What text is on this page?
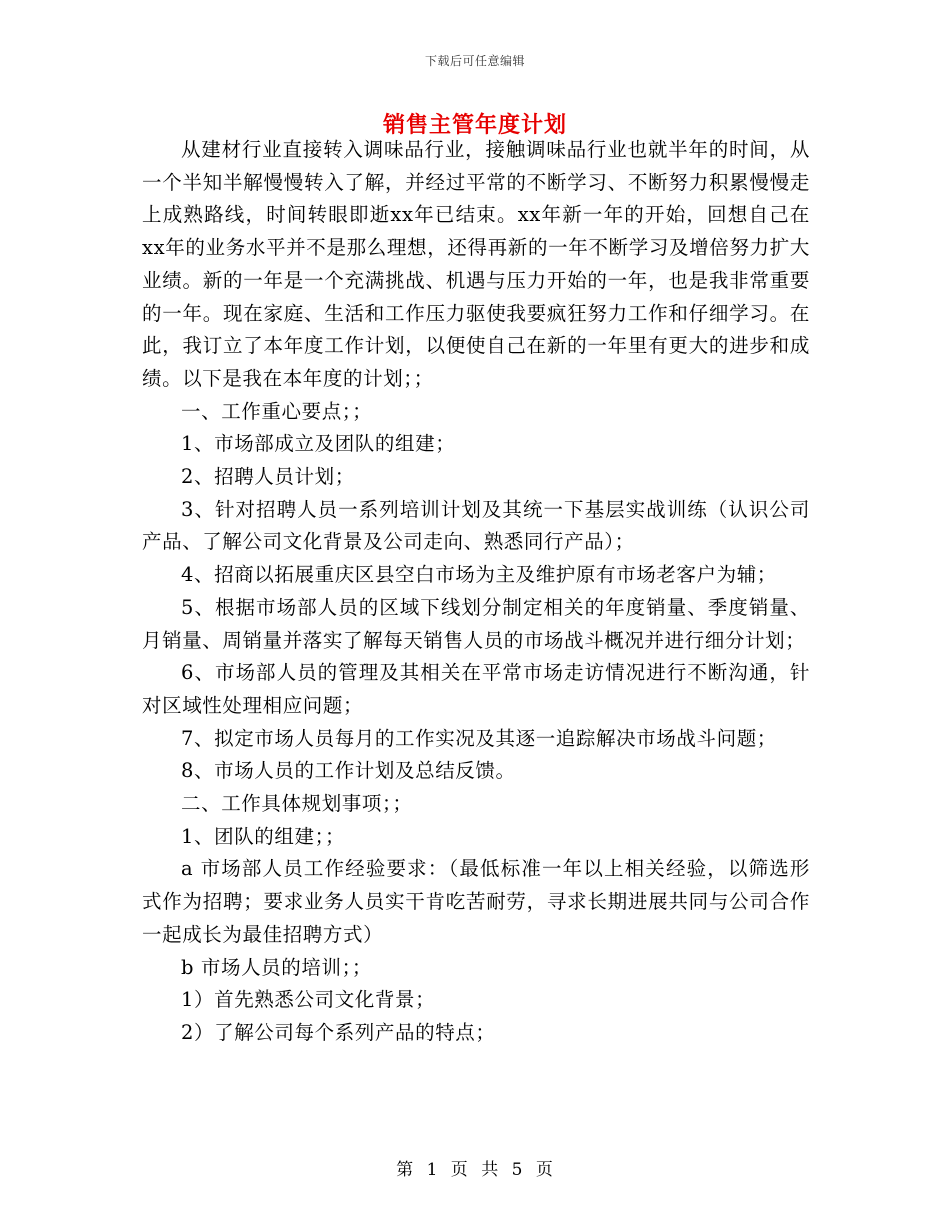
下载后可任意编辑
销售主管年度计划

从建材行业直接转入调味品行业，接触调味品行业也就半年的时间，从一个半知半解慢慢转入了解，并经过平常的不断学习、不断努力积累慢慢走上成熟路线，时间转眼即逝xx年已结束。xx年新一年的开始，回想自己在xx年的业务水平并不是那么理想，还得再新的一年不断学习及增倍努力扩大业绩。新的一年是一个充满挑战、机遇与压力开始的一年，也是我非常重要的一年。现在家庭、生活和工作压力驱使我要疯狂努力工作和仔细学习。在此，我订立了本年度工作计划，以便使自己在新的一年里有更大的进步和成绩。以下是我在本年度的计划；；

一、工作重心要点；；

1、市场部成立及团队的组建；

2、招聘人员计划；

3、针对招聘人员一系列培训计划及其统一下基层实战训练（认识公司产品、了解公司文化背景及公司走向、熟悉同行产品）；

4、招商以拓展重庆区县空白市场为主及维护原有市场老客户为辅；

5、根据市场部人员的区域下线划分制定相关的年度销量、季度销量、月销量、周销量并落实了解每天销售人员的市场战斗概况并进行细分计划；

6、市场部人员的管理及其相关在平常市场走访情况进行不断沟通，针对区域性处理相应问题；

7、拟定市场人员每月的工作实况及其逐一追踪解决市场战斗问题；

8、市场人员的工作计划及总结反馈。

二、工作具体规划事项；；

1、团队的组建；；

a 市场部人员工作经验要求：（最低标准一年以上相关经验，以筛选形式作为招聘；要求业务人员实干肯吃苦耐劳，寻求长期进展共同与公司合作一起成长为最佳招聘方式）

b 市场人员的培训；；

1）首先熟悉公司文化背景；

2）了解公司每个系列产品的特点；

第 1 页 共 5 页
